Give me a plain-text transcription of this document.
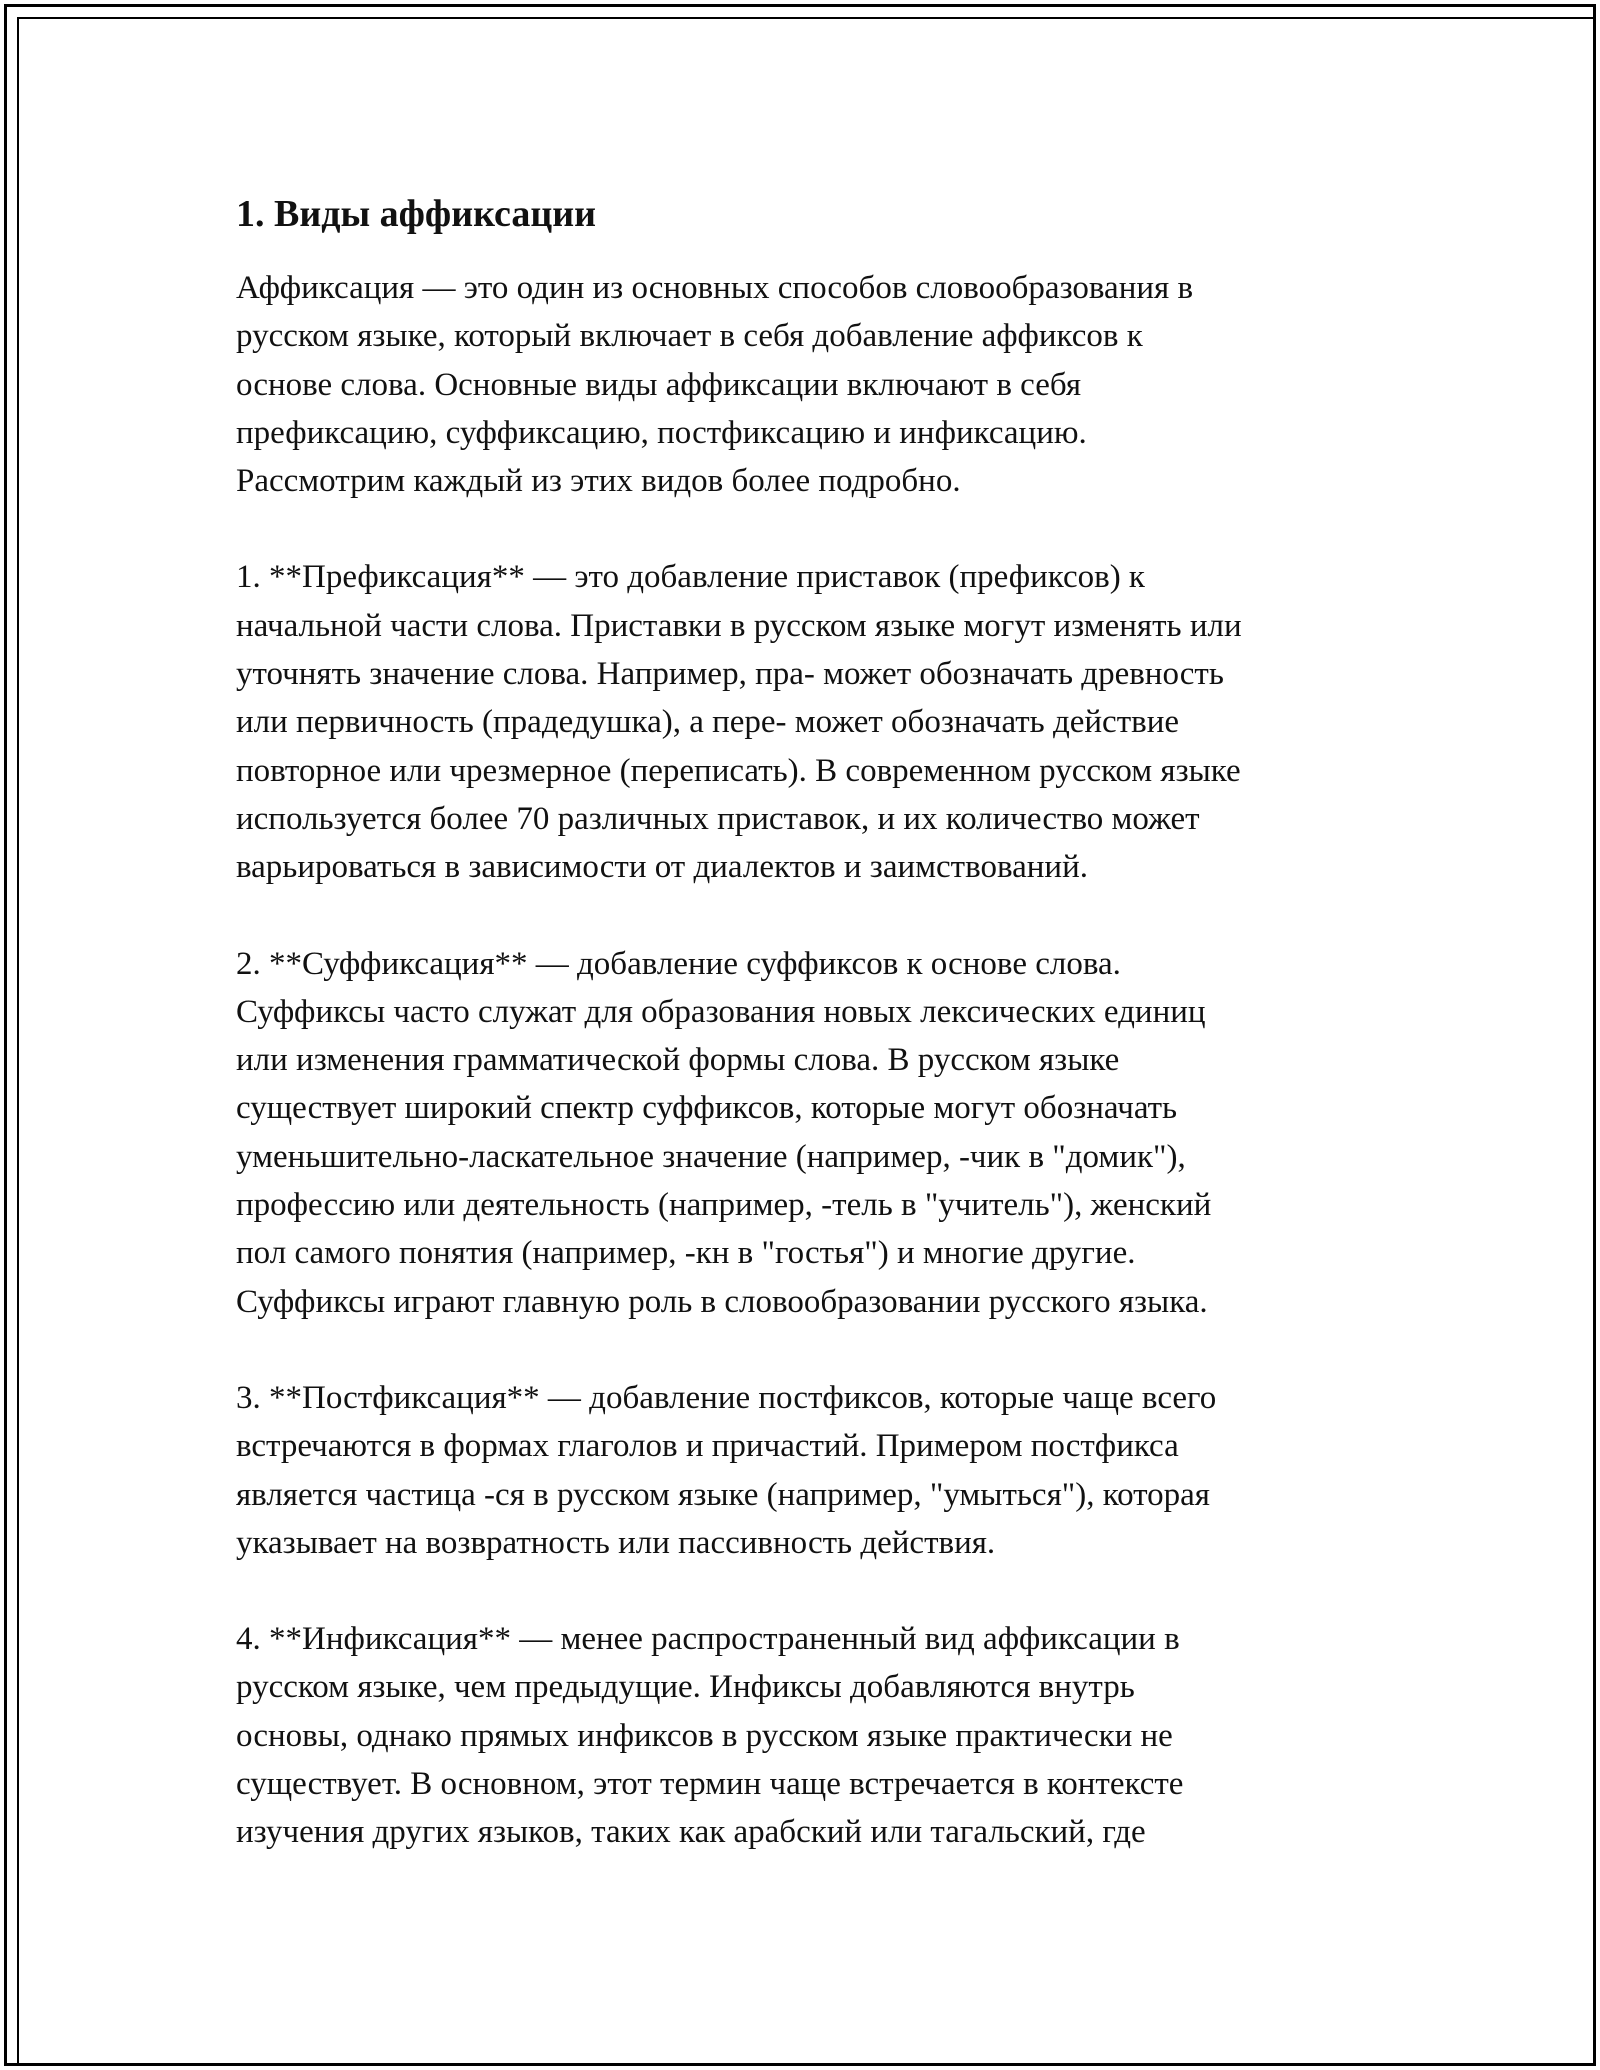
1. Виды аффиксации

Аффиксация — это один из основных способов словообразования в
русском языке, который включает в себя добавление аффиксов к
основе слова. Основные виды аффиксации включают в себя
префиксацию, суффиксацию, постфиксацию и инфиксацию.
Рассмотрим каждый из этих видов более подробно.

1. **Префиксация** — это добавление приставок (префиксов) к
начальной части слова. Приставки в русском языке могут изменять или
уточнять значение слова. Например, пра- может обозначать древность
или первичность (прадедушка), а пере- может обозначать действие
повторное или чрезмерное (переписать). В современном русском языке
используется более 70 различных приставок, и их количество может
варьироваться в зависимости от диалектов и заимствований.

2. **Суффиксация** — добавление суффиксов к основе слова.
Суффиксы часто служат для образования новых лексических единиц
или изменения грамматической формы слова. В русском языке
существует широкий спектр суффиксов, которые могут обозначать
уменьшительно-ласкательное значение (например, -чик в "домик"),
профессию или деятельность (например, -тель в "учитель"), женский
пол самого понятия (например, -кн в "гостья") и многие другие.
Суффиксы играют главную роль в словообразовании русского языка.

3. **Постфиксация** — добавление постфиксов, которые чаще всего
встречаются в формах глаголов и причастий. Примером постфикса
является частица -ся в русском языке (например, "умыться"), которая
указывает на возвратность или пассивность действия.

4. **Инфиксация** — менее распространенный вид аффиксации в
русском языке, чем предыдущие. Инфиксы добавляются внутрь
основы, однако прямых инфиксов в русском языке практически не
существует. В основном, этот термин чаще встречается в контексте
изучения других языков, таких как арабский или тагальский, где
